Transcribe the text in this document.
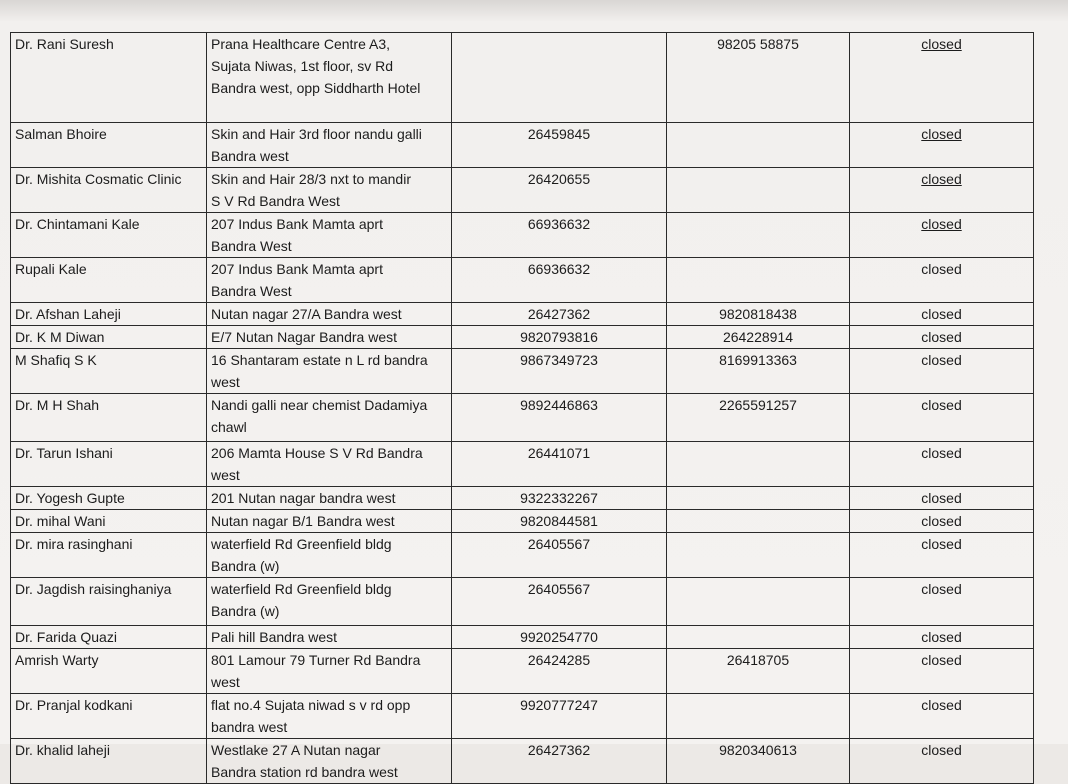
Dr. Rani Suresh	Prana Healthcare Centre A3,
Sujata Niwas, 1st floor, sv Rd
Bandra west, opp Siddharth Hotel		98205 58875	closed
Salman Bhoire	Skin and Hair 3rd floor nandu galli
Bandra west	26459845		closed
Dr. Mishita Cosmatic Clinic	Skin and Hair 28/3 nxt to mandir
S V Rd Bandra West	26420655		closed
Dr. Chintamani Kale	207 Indus Bank Mamta aprt
Bandra West	66936632		closed
Rupali Kale	207 Indus Bank Mamta aprt
Bandra West	66936632		closed
Dr. Afshan Laheji	Nutan nagar 27/A Bandra west	26427362	9820818438	closed
Dr. K M Diwan	E/7 Nutan Nagar Bandra west	9820793816	264228914	closed
M Shafiq S K	16 Shantaram estate n L rd bandra
west	9867349723	8169913363	closed
Dr. M H Shah	Nandi galli near chemist Dadamiya
chawl	9892446863	2265591257	closed
Dr. Tarun Ishani	206 Mamta House S V Rd Bandra
west	26441071		closed
Dr. Yogesh Gupte	201 Nutan nagar bandra west	9322332267		closed
Dr. mihal Wani	Nutan nagar B/1 Bandra west	9820844581		closed
Dr. mira rasinghani	waterfield Rd Greenfield bldg
Bandra (w)	26405567		closed
Dr. Jagdish raisinghaniya	waterfield Rd Greenfield bldg
Bandra (w)	26405567		closed
Dr. Farida Quazi	Pali hill Bandra west	9920254770		closed
Amrish Warty	801 Lamour 79 Turner Rd Bandra
west	26424285	26418705	closed
Dr. Pranjal kodkani	flat no.4 Sujata niwad s v rd opp
bandra west	9920777247		closed
Dr. khalid laheji	Westlake 27 A Nutan nagar
Bandra station rd bandra west	26427362	9820340613	closed
